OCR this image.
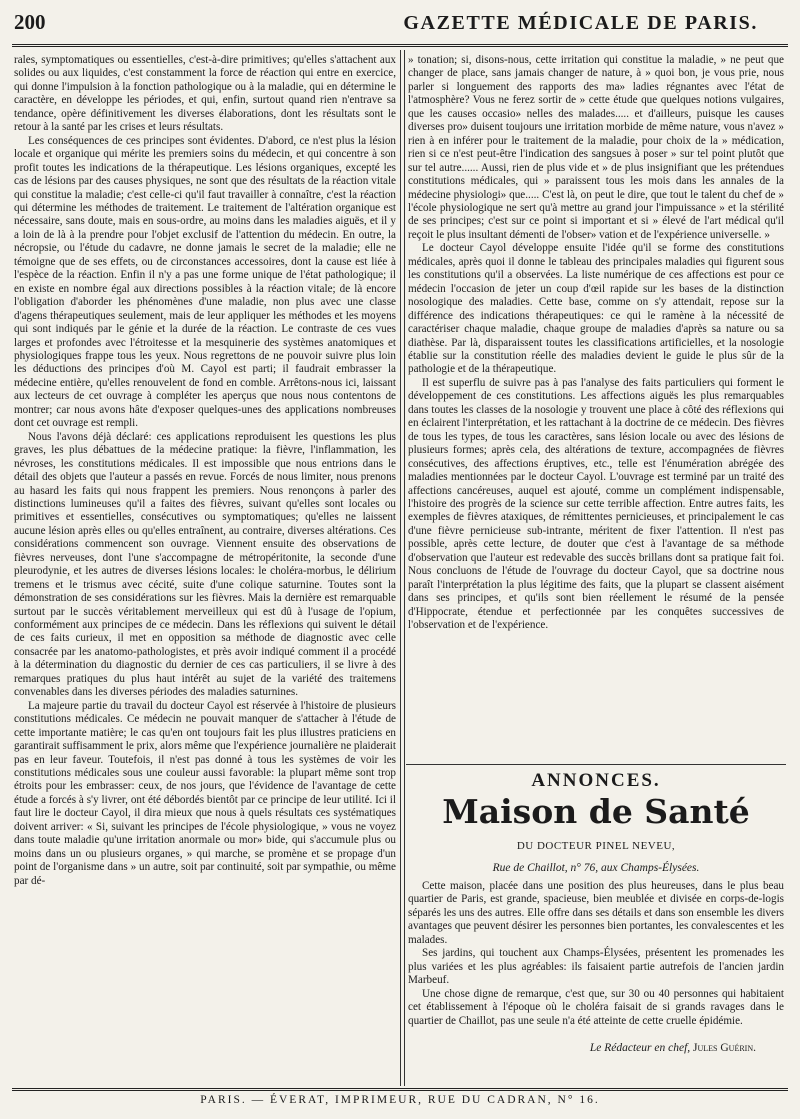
200	GAZETTE MÉDICALE DE PARIS.

rales, symptomatiques ou essentielles, c'est-à-dire primitives; qu'elles s'attachent aux solides ou aux liquides, c'est constamment la force de réaction qui entre en exercice, qui donne l'impulsion à la fonction pathologique ou à la maladie, qui en détermine le caractère, en développe les périodes, et qui, enfin, surtout quand rien n'entrave sa tendance, opère définitivement les diverses élaborations, dont les résultats sont le retour à la santé par les crises et leurs résultats.

Les conséquences de ces principes sont évidentes. D'abord, ce n'est plus la lésion locale et organique qui mérite les premiers soins du médecin, et qui concentre à son profit toutes les indications de la thérapeutique. Les lésions organiques, excepté les cas de lésions par des causes physiques, ne sont que des résultats de la réaction vitale qui constitue la maladie; c'est celle-ci qu'il faut travailler à connaître, c'est la réaction qui détermine les méthodes de traitement. Le traitement de l'altération organique est nécessaire, sans doute, mais en sous-ordre, au moins dans les maladies aiguës, et il y a loin de là à la prendre pour l'objet exclusif de l'attention du médecin. En outre, la nécropsie, ou l'étude du cadavre, ne donne jamais le secret de la maladie; elle ne témoigne que de ses effets, ou de circonstances accessoires, dont la cause est liée à l'espèce de la réaction. Enfin il n'y a pas une forme unique de l'état pathologique; il en existe en nombre égal aux directions possibles à la réaction vitale; de là encore l'obligation d'aborder les phénomènes d'une maladie, non plus avec une classe d'agens thérapeutiques seulement, mais de leur appliquer les méthodes et les moyens qui sont indiqués par le génie et la durée de la réaction. Le contraste de ces vues larges et profondes avec l'étroitesse et la mesquinerie des systèmes anatomiques et physiologiques frappe tous les yeux. Nous regrettons de ne pouvoir suivre plus loin les déductions des principes d'où M. Cayol est parti; il faudrait embrasser la médecine entière, qu'elles renouvelent de fond en comble. Arrêtons-nous ici, laissant aux lecteurs de cet ouvrage à compléter les aperçus que nous nous contentons de montrer; car nous avons hâte d'exposer quelques-unes des applications nombreuses dont cet ouvrage est rempli.

Nous l'avons déjà déclaré: ces applications reproduisent les questions les plus graves, les plus débattues de la médecine pratique: la fièvre, l'inflammation, les névroses, les constitutions médicales. Il est impossible que nous entrions dans le détail des objets que l'auteur a passés en revue. Forcés de nous limiter, nous prenons au hasard les faits qui nous frappent les premiers. Nous renonçons à parler des distinctions lumineuses qu'il a faites des fièvres, suivant qu'elles sont locales ou primitives et essentielles, consécutives ou symptomatiques; qu'elles ne laissent aucune lésion après elles ou qu'elles entraînent, au contraire, diverses altérations. Ces considérations commencent son ouvrage. Viennent ensuite des observations de fièvres nerveuses, dont l'une s'accompagne de métropéritonite, la seconde d'une pleurodynie, et les autres de diverses lésions locales: le choléra-morbus, le délirium tremens et le trismus avec cécité, suite d'une colique saturnine. Toutes sont la démonstration de ses considérations sur les fièvres. Mais la dernière est remarquable surtout par le succès véritablement merveilleux qui est dû à l'usage de l'opium, conformément aux principes de ce médecin. Dans les réflexions qui suivent le détail de ces faits curieux, il met en opposition sa méthode de diagnostic avec celle consacrée par les anatomo-pathologistes, et près avoir indiqué comment il a procédé à la détermination du diagnostic du dernier de ces cas particuliers, il se livre à des remarques pratiques du plus haut intérêt au sujet de la variété des traitemens convenables dans les diverses périodes des maladies saturnines.

La majeure partie du travail du docteur Cayol est réservée à l'histoire de plusieurs constitutions médicales. Ce médecin ne pouvait manquer de s'attacher à l'étude de cette importante matière; le cas qu'en ont toujours fait les plus illustres praticiens en garantirait suffisamment le prix, alors même que l'expérience journalière ne plaiderait pas en leur faveur. Toutefois, il n'est pas donné à tous les systèmes de voir les constitutions médicales sous une couleur aussi favorable: la plupart même sont trop étroits pour les embrasser: ceux, de nos jours, que l'évidence de l'avantage de cette étude a forcés à s'y livrer, ont été débordés bientôt par ce principe de leur utilité. Ici il faut lire le docteur Cayol, il dira mieux que nous à quels résultats ces systématiques doivent arriver: « Si, suivant les principes de l'école physiologique, » vous ne voyez dans toute maladie qu'une irritation anormale ou mor» bide, qui s'accumule plus ou moins dans un ou plusieurs organes, » qui marche, se promène et se propage d'un point de l'organisme dans » un autre, soit par continuité, soit par sympathie, ou même par dé-

» tonation; si, disons-nous, cette irritation qui constitue la maladie, » ne peut que changer de place, sans jamais changer de nature, à » quoi bon, je vous prie, nous parler si longuement des rapports des ma» ladies régnantes avec l'état de l'atmosphère? Vous ne ferez sortir de » cette étude que quelques notions vulgaires, que les causes occasio» nelles des malades..... et d'ailleurs, puisque les causes diverses pro» duisent toujours une irritation morbide de même nature, vous n'avez » rien à en inférer pour le traitement de la maladie, pour choix de la » médication, rien si ce n'est peut-être l'indication des sangsues à poser » sur tel point plutôt que sur tel autre...... Aussi, rien de plus vide et » de plus insignifiant que les prétendues constitutions médicales, qui » paraissent tous les mois dans les annales de la médecine physiologi» que..... C'est là, on peut le dire, que tout le talent du chef de » l'école physiologique ne sert qu'à mettre au grand jour l'impuissance » et la stérilité de ses principes; c'est sur ce point si important et si » élevé de l'art médical qu'il reçoit le plus insultant démenti de l'obser» vation et de l'expérience universelle. »

Le docteur Cayol développe ensuite l'idée qu'il se forme des constitutions médicales, après quoi il donne le tableau des principales maladies qui figurent sous les constitutions qu'il a observées. La liste numérique de ces affections est pour ce médecin l'occasion de jeter un coup d'œil rapide sur les bases de la distinction nosologique des maladies. Cette base, comme on s'y attendait, repose sur la différence des indications thérapeutiques: ce qui le ramène à la nécessité de caractériser chaque maladie, chaque groupe de maladies d'après sa nature ou sa diathèse. Par là, disparaissent toutes les classifications artificielles, et la nosologie établie sur la constitution réelle des maladies devient le guide le plus sûr de la pathologie et de la thérapeutique.

Il est superflu de suivre pas à pas l'analyse des faits particuliers qui forment le développement de ces constitutions. Les affections aiguës les plus remarquables dans toutes les classes de la nosologie y trouvent une place à côté des réflexions qui en éclairent l'interprétation, et les rattachant à la doctrine de ce médecin. Des fièvres de tous les types, de tous les caractères, sans lésion locale ou avec des lésions de plusieurs formes; après cela, des altérations de texture, accompagnées de fièvres consécutives, des affections éruptives, etc., telle est l'énumération abrégée des maladies mentionnées par le docteur Cayol. L'ouvrage est terminé par un traité des affections cancéreuses, auquel est ajouté, comme un complément indispensable, l'histoire des progrès de la science sur cette terrible affection. Entre autres faits, les exemples de fièvres ataxiques, de rémittentes pernicieuses, et principalement le cas d'une fièvre pernicieuse sub-intrante, méritent de fixer l'attention. Il n'est pas possible, après cette lecture, de douter que c'est à l'avantage de sa méthode d'observation que l'auteur est redevable des succès brillans dont sa pratique fait foi. Nous concluons de l'étude de l'ouvrage du docteur Cayol, que sa doctrine nous paraît l'interprétation la plus légitime des faits, que la plupart se classent aisément dans ses principes, et qu'ils sont bien réellement le résumé de la pensée d'Hippocrate, étendue et perfectionnée par les conquêtes successives de l'observation et de l'expérience.

ANNONCES.
Maison de Santé
DU DOCTEUR PINEL NEVEU,
Rue de Chaillot, n° 76, aux Champs-Élysées.

Cette maison, placée dans une position des plus heureuses, dans le plus beau quartier de Paris, est grande, spacieuse, bien meublée et divisée en corps-de-logis séparés les uns des autres. Elle offre dans ses détails et dans son ensemble les divers avantages que peuvent désirer les personnes bien portantes, les convalescentes et les malades.

Ses jardins, qui touchent aux Champs-Élysées, présentent les promenades les plus variées et les plus agréables: ils faisaient partie autrefois de l'ancien jardin Marbeuf.

Une chose digne de remarque, c'est que, sur 30 ou 40 personnes qui habitaient cet établissement à l'époque où le choléra faisait de si grands ravages dans le quartier de Chaillot, pas une seule n'a été atteinte de cette cruelle épidémie.

Le Rédacteur en chef, Jules Guérin.
PARIS. — ÉVERAT, IMPRIMEUR, RUE DU CADRAN, N° 16.
